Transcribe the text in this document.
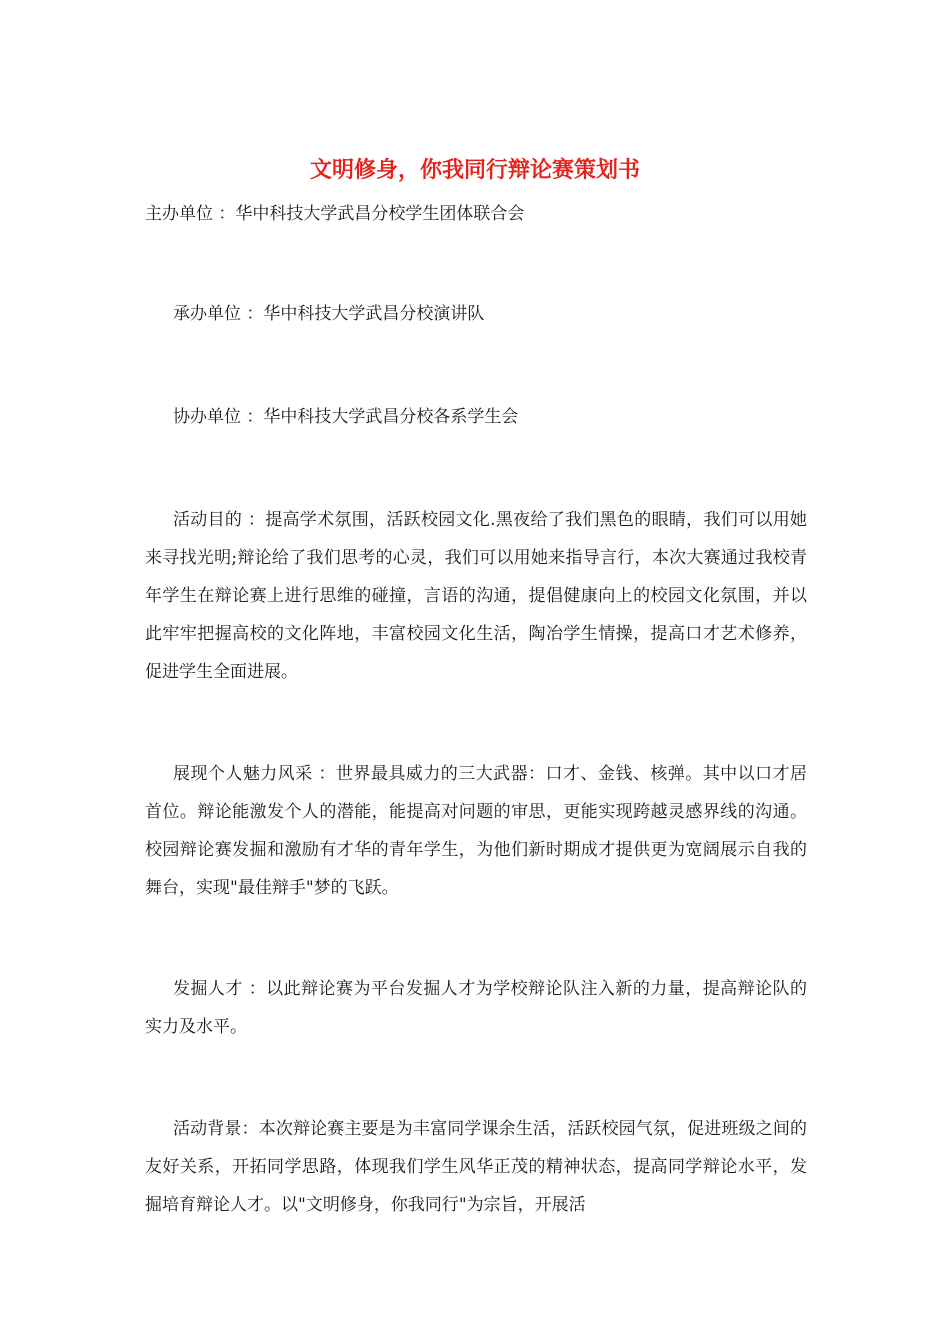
文明修身，你我同行辩论赛策划书

主办单位 ：华中科技大学武昌分校学生团体联合会

承办单位 ：华中科技大学武昌分校演讲队

协办单位 ：华中科技大学武昌分校各系学生会

活动目的 ：提高学术氛围，活跃校园文化.黑夜给了我们黑色的眼睛，我们可以用她来寻找光明;辩论给了我们思考的心灵，我们可以用她来指导言行，本次大赛通过我校青年学生在辩论赛上进行思维的碰撞，言语的沟通，提倡健康向上的校园文化氛围，并以此牢牢把握高校的文化阵地，丰富校园文化生活，陶冶学生情操，提高口才艺术修养，促进学生全面进展。

展现个人魅力风采 ：世界最具威力的三大武器：口才、金钱、核弹。其中以口才居首位。辩论能激发个人的潜能，能提高对问题的审思，更能实现跨越灵感界线的沟通。校园辩论赛发掘和激励有才华的青年学生，为他们新时期成才提供更为宽阔展示自我的舞台，实现"最佳辩手"梦的飞跃。

发掘人才 ：以此辩论赛为平台发掘人才为学校辩论队注入新的力量，提高辩论队的实力及水平。

活动背景：本次辩论赛主要是为丰富同学课余生活，活跃校园气氛，促进班级之间的友好关系，开拓同学思路，体现我们学生风华正茂的精神状态，提高同学辩论水平，发掘培育辩论人才。以"文明修身，你我同行"为宗旨，开展活
